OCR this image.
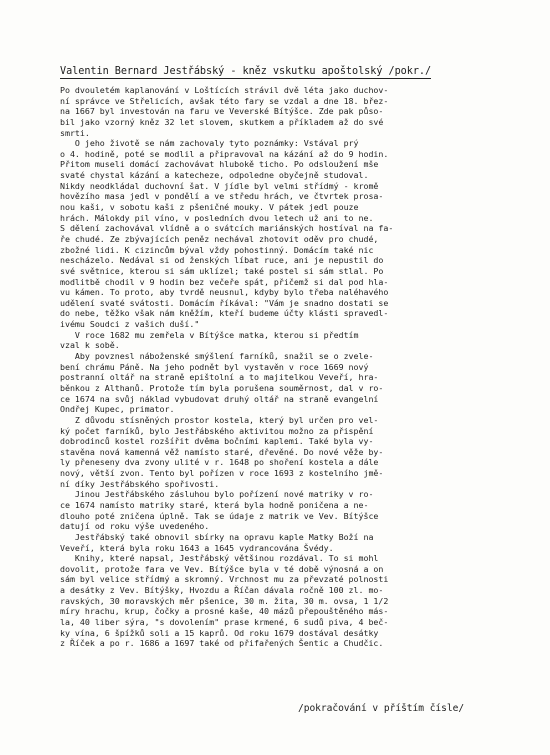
Valentin Bernard Jestřábský - kněz vskutku apoštolský /pokr./
Po dvouletém kaplanování v Loštících strávil dvě léta jako duchov-
ní správce ve Střelicích, avšak této fary se vzdal a dne 18. břez-
na 1667 byl investován na faru ve Veverské Bítýšce. Zde pak půso-
bil jako vzorný kněz 32 let slovem, skutkem a příkladem až do své
smrti.
O jeho životě se nám zachovaly tyto poznámky: Vstával prý
o 4. hodině, poté se modlil a připravoval na kázání až do 9 hodin.
Přitom museli domácí zachovávat hlubokě ticho. Po odsloužení mše
svaté chystal kázání a katecheze, odpoledne obyčejně studoval.
Nikdy neodkládal duchovní šat. V jídle byl velmi střídmý - kromě
hovězího masa jedl v pondělí a ve středu hrách, ve čtvrtek prosa-
nou kaši, v sobotu kaši z pšeničné mouky. V pátek jedl pouze
hrách. Málokdy pil víno, v posledních dvou letech už ani to ne.
S dělení zachovával vlídně a o svátcích mariánských hostíval na fa-
ře chudé. Ze zbývajících peněz nechával zhotovit oděv pro chudé,
zbožné lidi. K cizincům býval vždy pohostinný. Domácím také nic
nescházelo. Nedával si od ženských líbat ruce, ani je nepustil do
své světnice, kterou si sám uklízel; také postel si sám stlal. Po
modlitbě chodil v 9 hodin bez večeře spát, přičemž si dal pod hla-
vu kámen. To proto, aby tvrdě neusnul, kdyby bylo třeba naléhavého
udělení svaté svátosti. Domácím říkával: "Vám je snadno dostati se
do nebe, těžko však nám kněžím, kteří budeme účty klásti spravedl-
ivému Soudci z vašich duší."
V roce 1682 mu zemřela v Bítýšce matka, kterou si předtím
vzal k sobě.
Aby povznesl náboženské smýšlení farníků, snažil se o zvele-
bení chrámu Páně. Na jeho podnět byl vystavěn v roce 1669 nový
postranní oltář na straně epištolní a to majitelkou Veveří, hra-
běnkou z Althanů. Protože tím byla porušena souměrnost, dal v ro-
ce 1674 na svůj náklad vybudovat druhý oltář na straně evangelní
Ondřej Kupec, primator.
Z důvodu stísněných prostor kostela, který byl určen pro vel-
ký počet farníků, bylo Jestřábského aktivitou možno za přispění
dobrodinců kostel rozšířit dvěma bočními kaplemi. Také byla vy-
stavěna nová kamenná věž namísto staré, dřevěné. Do nové věže by-
ly přeneseny dva zvony ulité v r. 1648 po shoření kostela a dále
nový, větší zvon. Tento byl pořízen v roce 1693 z kostelního jmě-
ní díky Jestřábského spořivosti.
Jinou Jestřábského zásluhou bylo pořízení nové matriky v ro-
ce 1674 namísto matriky staré, která byla hodně poničena a ne-
dlouho poté zničena úplně. Tak se údaje z matrik ve Vev. Bítýšce
datují od roku výše uvedeného.
Jestřábský také obnovil sbírky na opravu kaple Matky Boží na
Veveří, která byla roku 1643 a 1645 vydrancována Švédy.
Knihy, které napsal, Jestřábský většinou rozdával. To si mohl
dovolit, protože fara ve Vev. Bítýšce byla v té době výnosná a on
sám byl velice střídmý a skromný. Vrchnost mu za převzaté polnosti
a desátky z Vev. Bítýšky, Hvozdu a Říčan dávala ročně 100 zl. mo-
ravských, 30 moravských měr pšenice, 30 m. žita, 30 m. ovsa, 1 1/2
míry hrachu, krup, čočky a prosné kaše, 40 mázů přepouštěného más-
la, 40 liber sýra, "s dovolením" prase krmené, 6 sudů piva, 4 beč-
ky vína, 6 špížků soli a 15 kaprů. Od roku 1679 dostával desátky
z Říček a po r. 1686 a 1697 také od přifařených Šentic a Chudčic.
/pokračování v příštím čísle/
